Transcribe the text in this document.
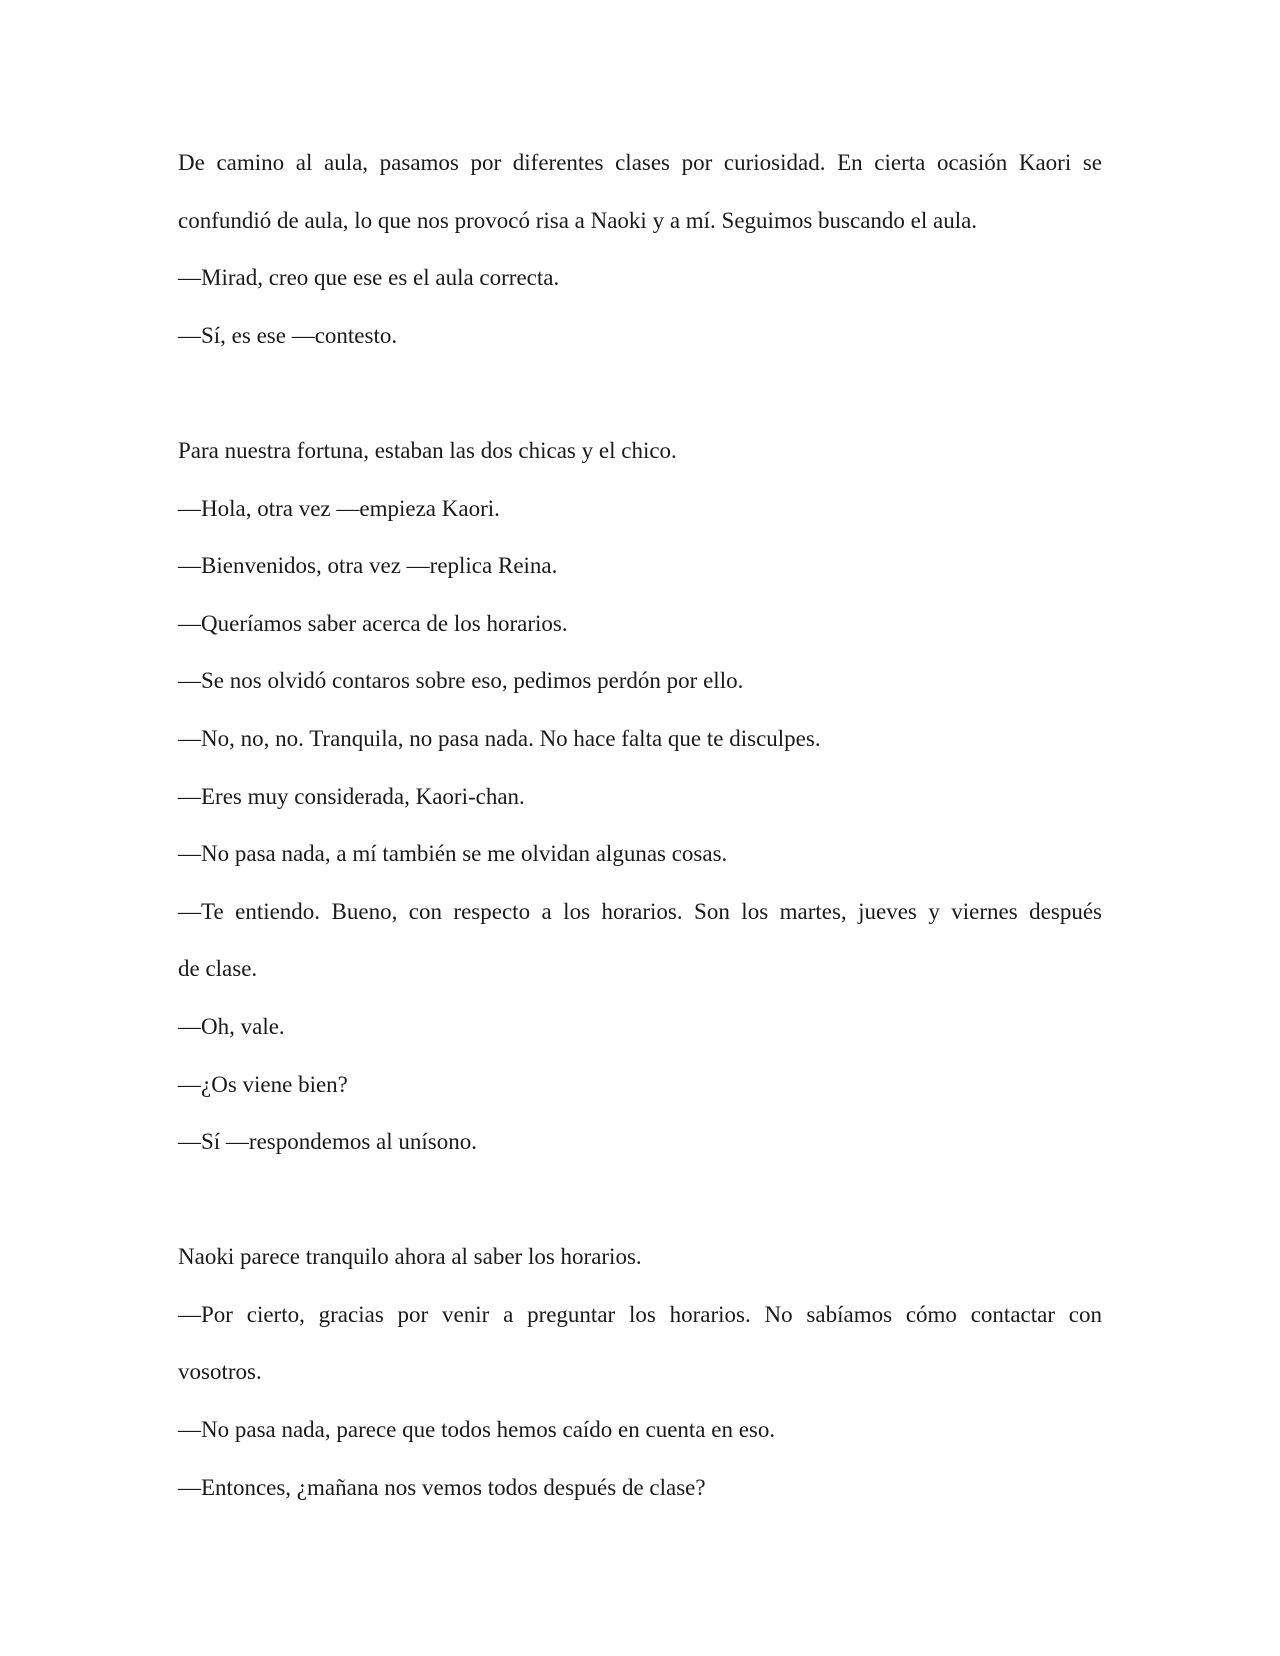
De camino al aula, pasamos por diferentes clases por curiosidad. En cierta ocasión Kaori se

confundió de aula, lo que nos provocó risa a Naoki y a mí. Seguimos buscando el aula.

—Mirad, creo que ese es el aula correcta.

—Sí, es ese —contesto.

Para nuestra fortuna, estaban las dos chicas y el chico.

—Hola, otra vez —empieza Kaori.

—Bienvenidos, otra vez —replica Reina.

—Queríamos saber acerca de los horarios.

—Se nos olvidó contaros sobre eso, pedimos perdón por ello.

—No, no, no. Tranquila, no pasa nada. No hace falta que te disculpes.

—Eres muy considerada, Kaori-chan.

—No pasa nada, a mí también se me olvidan algunas cosas.

—Te entiendo. Bueno, con respecto a los horarios. Son los martes, jueves y viernes después

de clase.

—Oh, vale.

—¿Os viene bien?

—Sí —respondemos al unísono.

Naoki parece tranquilo ahora al saber los horarios.

—Por cierto, gracias por venir a preguntar los horarios. No sabíamos cómo contactar con

vosotros.

—No pasa nada, parece que todos hemos caído en cuenta en eso.

—Entonces, ¿mañana nos vemos todos después de clase?
